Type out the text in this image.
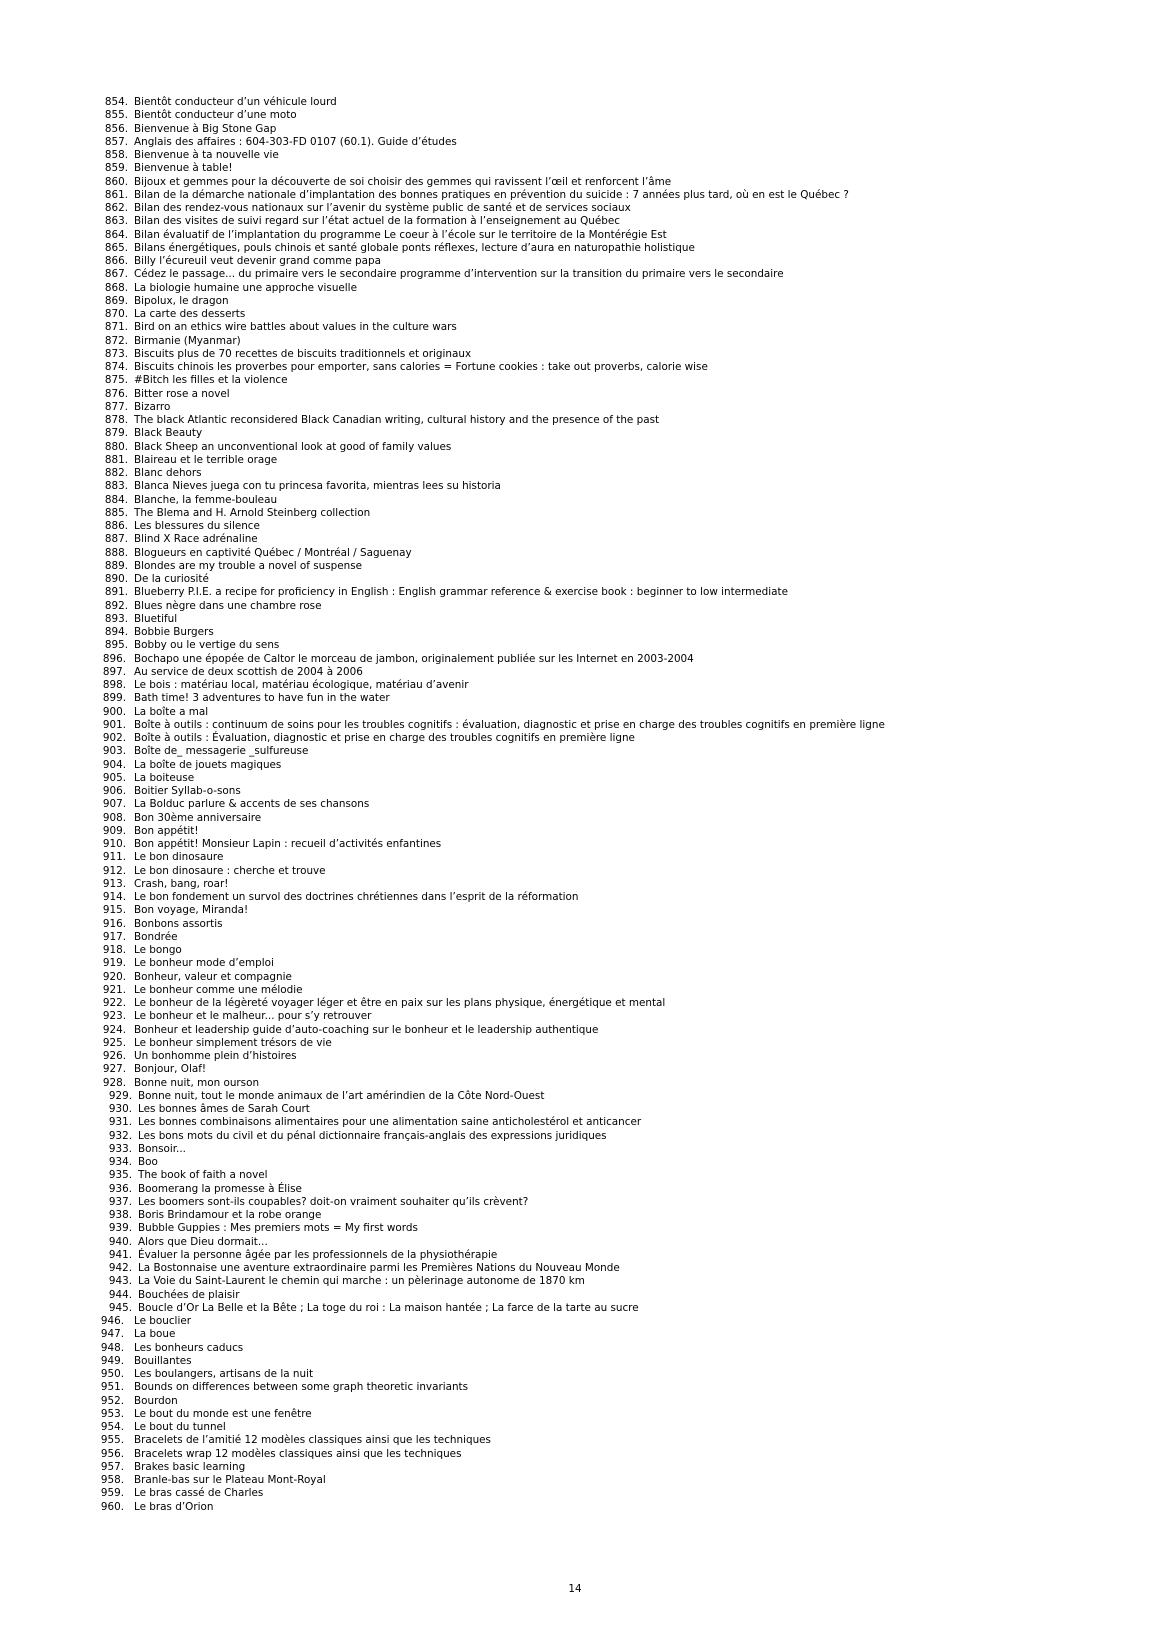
854. Bientôt conducteur d’un véhicule lourd
855. Bientôt conducteur d’une moto
856. Bienvenue à Big Stone Gap
857. Anglais des affaires : 604-303-FD 0107 (60.1). Guide d’études
858. Bienvenue à ta nouvelle vie
859. Bienvenue à table!
860. Bijoux et gemmes pour la découverte de soi choisir des gemmes qui ravissent l’œil et renforcent l’âme
861. Bilan de la démarche nationale d’implantation des bonnes pratiques en prévention du suicide : 7 années plus tard, où en est le Québec ?
862. Bilan des rendez-vous nationaux sur l’avenir du système public de santé et de services sociaux
863. Bilan des visites de suivi regard sur l’état actuel de la formation à l’enseignement au Québec
864. Bilan évaluatif de l’implantation du programme Le coeur à l’école sur le territoire de la Montérégie Est
865. Bilans énergétiques, pouls chinois et santé globale ponts réflexes, lecture d’aura en naturopathie holistique
866. Billy l’écureuil veut devenir grand comme papa
867. Cédez le passage... du primaire vers le secondaire programme d’intervention sur la transition du primaire vers le secondaire
868. La biologie humaine une approche visuelle
869. Bipolux, le dragon
870. La carte des desserts
871. Bird on an ethics wire battles about values in the culture wars
872. Birmanie (Myanmar)
873. Biscuits plus de 70 recettes de biscuits traditionnels et originaux
874. Biscuits chinois les proverbes pour emporter, sans calories = Fortune cookies : take out proverbs, calorie wise
875. #Bitch les filles et la violence
876. Bitter rose a novel
877. Bizarro
878. The black Atlantic reconsidered Black Canadian writing, cultural history and the presence of the past
879. Black Beauty
880. Black Sheep an unconventional look at good of family values
881. Blaireau et le terrible orage
882. Blanc dehors
883. Blanca Nieves juega con tu princesa favorita, mientras lees su historia
884. Blanche, la femme-bouleau
885. The Blema and H. Arnold Steinberg collection
886. Les blessures du silence
887. Blind X Race adrénaline
888. Blogueurs en captivité Québec / Montréal / Saguenay
889. Blondes are my trouble a novel of suspense
890. De la curiosité
891. Blueberry P.I.E. a recipe for proficiency in English : English grammar reference & exercise book : beginner to low intermediate
892. Blues nègre dans une chambre rose
893. Bluetiful
894. Bobbie Burgers
895. Bobby ou le vertige du sens
896. Bochapo une épopée de Caltor le morceau de jambon, originalement publiée sur les Internet en 2003-2004
897. Au service de deux scottish de 2004 à 2006
898. Le bois : matériau local, matériau écologique, matériau d’avenir
899. Bath time! 3 adventures to have fun in the water
900. La boîte a mal
901. Boîte à outils : continuum de soins pour les troubles cognitifs : évaluation, diagnostic et prise en charge des troubles cognitifs en première ligne
902. Boîte à outils : Évaluation, diagnostic et prise en charge des troubles cognitifs en première ligne
903. Boîte de_ messagerie _sulfureuse
904. La boîte de jouets magiques
905. La boiteuse
906. Boitier Syllab-o-sons
907. La Bolduc parlure & accents de ses chansons
908. Bon 30ème anniversaire
909. Bon appétit!
910. Bon appétit! Monsieur Lapin : recueil d’activités enfantines
911. Le bon dinosaure
912. Le bon dinosaure : cherche et trouve
913. Crash, bang, roar!
914. Le bon fondement un survol des doctrines chrétiennes dans l’esprit de la réformation
915. Bon voyage, Miranda!
916. Bonbons assortis
917. Bondrée
918. Le bongo
919. Le bonheur mode d’emploi
920. Bonheur, valeur et compagnie
921. Le bonheur comme une mélodie
922. Le bonheur de la légèreté voyager léger et être en paix sur les plans physique, énergétique et mental
923. Le bonheur et le malheur... pour s’y retrouver
924. Bonheur et leadership guide d’auto-coaching sur le bonheur et le leadership authentique
925. Le bonheur simplement trésors de vie
926. Un bonhomme plein d’histoires
927. Bonjour, Olaf!
928. Bonne nuit, mon ourson
929. Bonne nuit, tout le monde animaux de l’art amérindien de la Côte Nord-Ouest
930. Les bonnes âmes de Sarah Court
931. Les bonnes combinaisons alimentaires pour une alimentation saine anticholestérol et anticancer
932. Les bons mots du civil et du pénal dictionnaire français-anglais des expressions juridiques
933. Bonsoir...
934. Boo
935. The book of faith a novel
936. Boomerang la promesse à Élise
937. Les boomers sont-ils coupables? doit-on vraiment souhaiter qu’ils crèvent?
938. Boris Brindamour et la robe orange
939. Bubble Guppies : Mes premiers mots = My first words
940. Alors que Dieu dormait...
941. Évaluer la personne âgée par les professionnels de la physiothérapie
942. La Bostonnaise une aventure extraordinaire parmi les Premières Nations du Nouveau Monde
943. La Voie du Saint-Laurent le chemin qui marche : un pèlerinage autonome de 1870 km
944. Bouchées de plaisir
945. Boucle d’Or La Belle et la Bête ; La toge du roi : La maison hantée ; La farce de la tarte au sucre
946. Le bouclier
947. La boue
948. Les bonheurs caducs
949. Bouillantes
950. Les boulangers, artisans de la nuit
951. Bounds on differences between some graph theoretic invariants
952. Bourdon
953. Le bout du monde est une fenêtre
954. Le bout du tunnel
955. Bracelets de l’amitié 12 modèles classiques ainsi que les techniques
956. Bracelets wrap 12 modèles classiques ainsi que les techniques
957. Brakes basic learning
958. Branle-bas sur le Plateau Mont-Royal
959. Le bras cassé de Charles
960. Le bras d’Orion
14
